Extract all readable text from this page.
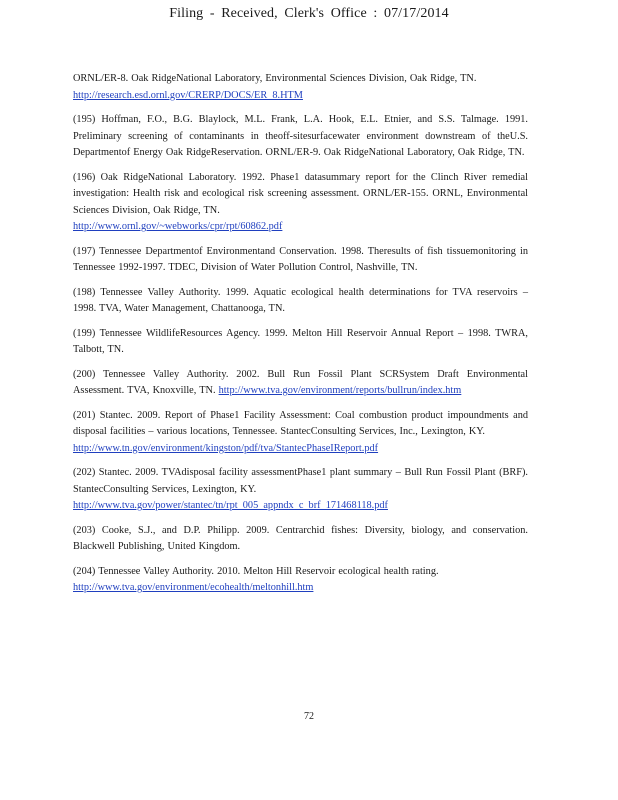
Filing - Received, Clerk's Office : 07/17/2014
ORNL/ER-8. Oak RidgeNational Laboratory, Environmental Sciences Division, Oak Ridge, TN.
http://research.esd.ornl.gov/CRERP/DOCS/ER_8.HTM
(195) Hoffman, F.O., B.G. Blaylock, M.L. Frank, L.A. Hook, E.L. Etnier, and S.S. Talmage. 1991. Preliminary screening of contaminants in theoff-sitesurfacewater environment downstream of theU.S. Departmentof Energy Oak RidgeReservation. ORNL/ER-9. Oak RidgeNational Laboratory, Oak Ridge, TN.
(196) Oak RidgeNational Laboratory. 1992. Phase1 datasummary report for the Clinch River remedial investigation: Health risk and ecological risk screening assessment. ORNL/ER-155. ORNL, Environmental Sciences Division, Oak Ridge, TN.
http://www.ornl.gov/~webworks/cpr/rpt/60862.pdf
(197) Tennessee Departmentof Environmentand Conservation. 1998. Theresults of fish tissuemonitoring in Tennessee 1992-1997. TDEC, Division of Water Pollution Control, Nashville, TN.
(198) Tennessee Valley Authority. 1999. Aquatic ecological health determinations for TVA reservoirs – 1998. TVA, Water Management, Chattanooga, TN.
(199) Tennessee WildlifeResources Agency. 1999. Melton Hill Reservoir Annual Report – 1998. TWRA, Talbott, TN.
(200) Tennessee Valley Authority. 2002. Bull Run Fossil Plant SCRSystem Draft Environmental Assessment. TVA, Knoxville, TN. http://www.tva.gov/environment/reports/bullrun/index.htm
(201) Stantec. 2009. Report of Phase1 Facility Assessment: Coal combustion product impoundments and disposal facilities – various locations, Tennessee. StantecConsulting Services, Inc., Lexington, KY.
http://www.tn.gov/environment/kingston/pdf/tva/StantecPhaseIReport.pdf
(202) Stantec. 2009. TVAdisposal facility assessmentPhase1 plant summary – Bull Run Fossil Plant (BRF). StantecConsulting Services, Lexington, KY.
http://www.tva.gov/power/stantec/tn/rpt_005_appndx_c_brf_171468118.pdf
(203) Cooke, S.J., and D.P. Philipp. 2009. Centrarchid fishes: Diversity, biology, and conservation. Blackwell Publishing, United Kingdom.
(204) Tennessee Valley Authority. 2010. Melton Hill Reservoir ecological health rating.
http://www.tva.gov/environment/ecohealth/meltonhill.htm
72
